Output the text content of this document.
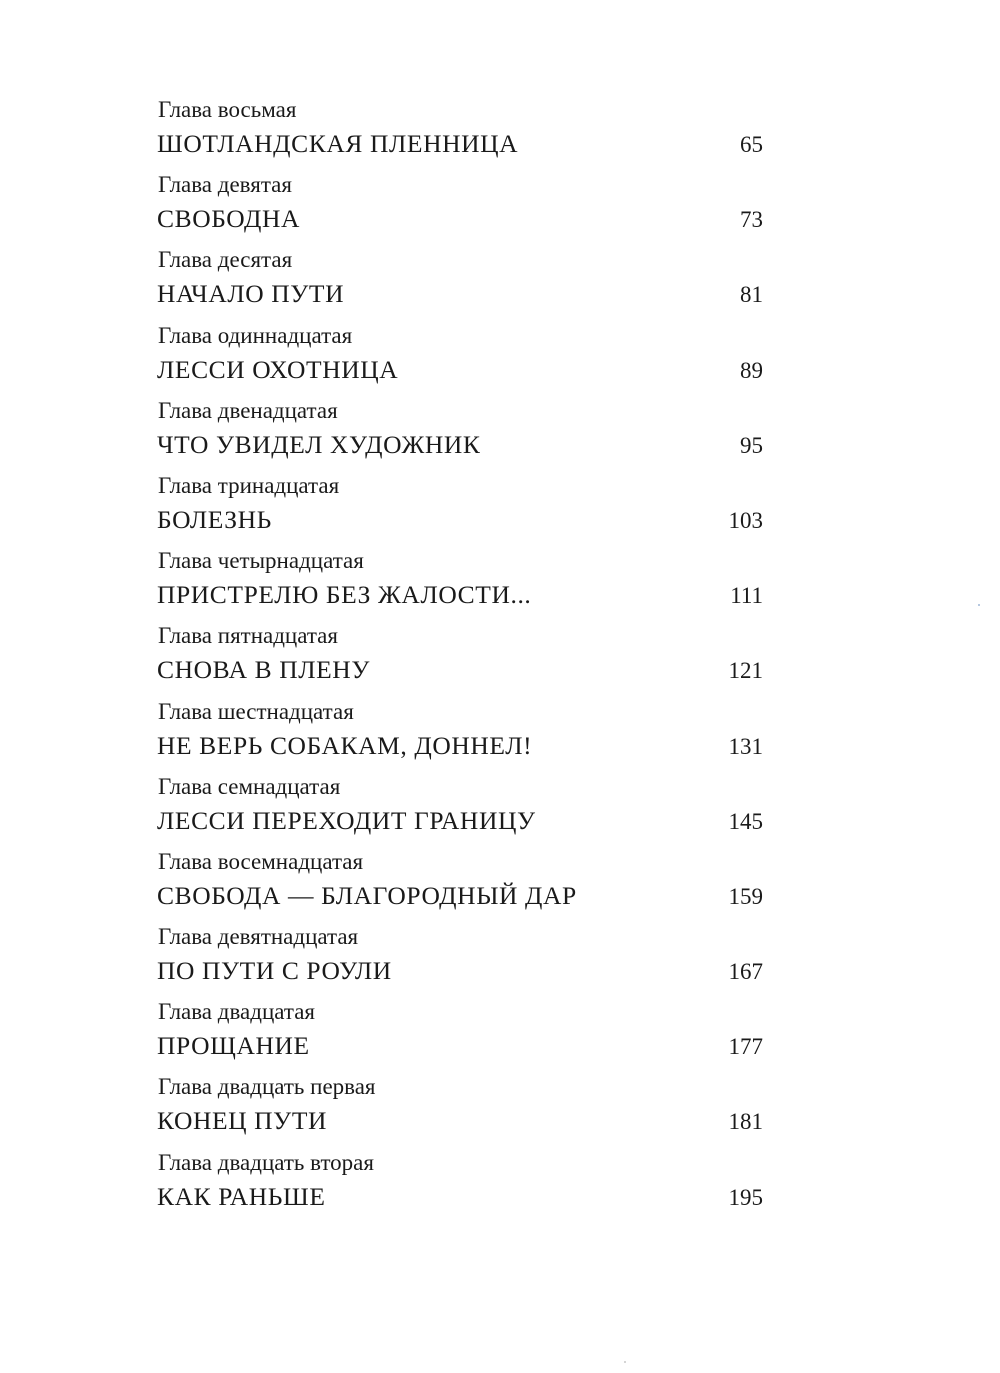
Глава восьмая
ШОТЛАНДСКАЯ ПЛЕННИЦА	65
Глава девятая
СВОБОДНА	73
Глава десятая
НАЧАЛО ПУТИ	81
Глава одиннадцатая
ЛЕССИ ОХОТНИЦА	89
Глава двенадцатая
ЧТО УВИДЕЛ ХУДОЖНИК	95
Глава тринадцатая
БОЛЕЗНЬ	103
Глава четырнадцатая
ПРИСТРЕЛЮ БЕЗ ЖАЛОСТИ...	111
Глава пятнадцатая
СНОВА В ПЛЕНУ	121
Глава шестнадцатая
НЕ ВЕРЬ СОБАКАМ, ДОННЕЛ!	131
Глава семнадцатая
ЛЕССИ ПЕРЕХОДИТ ГРАНИЦУ	145
Глава восемнадцатая
СВОБОДА — БЛАГОРОДНЫЙ ДАР	159
Глава девятнадцатая
ПО ПУТИ С РОУЛИ	167
Глава двадцатая
ПРОЩАНИЕ	177
Глава двадцать первая
КОНЕЦ ПУТИ	181
Глава двадцать вторая
КАК РАНЬШЕ	195
